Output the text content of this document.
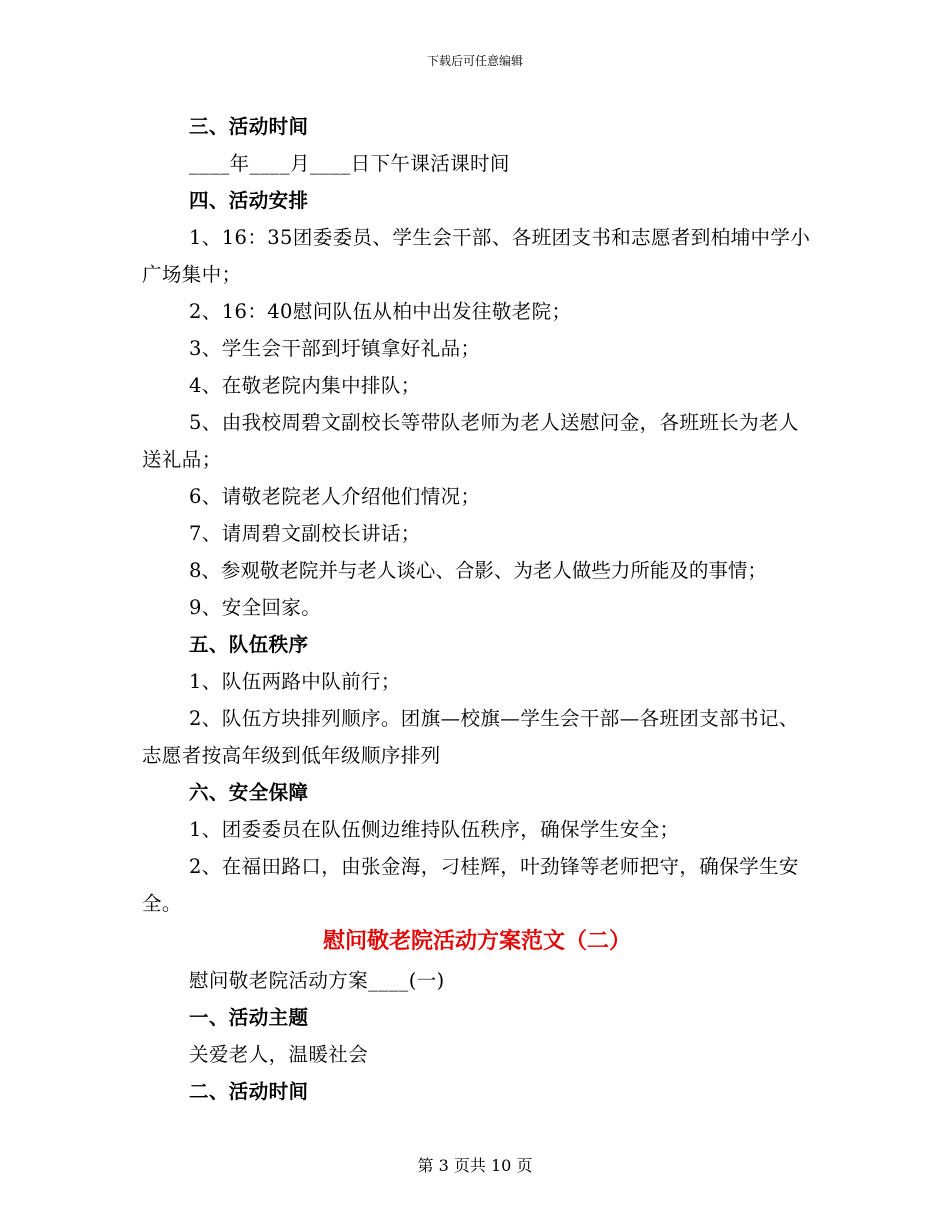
下载后可任意编辑

三、活动时间

____年____月____日下午课活课时间

四、活动安排

1、16：35团委委员、学生会干部、各班团支书和志愿者到柏埔中学小广场集中；

2、16：40慰问队伍从柏中出发往敬老院；

3、学生会干部到圩镇拿好礼品；

4、在敬老院内集中排队；

5、由我校周碧文副校长等带队老师为老人送慰问金，各班班长为老人送礼品；

6、请敬老院老人介绍他们情况；

7、请周碧文副校长讲话；

8、参观敬老院并与老人谈心、合影、为老人做些力所能及的事情；

9、安全回家。

五、队伍秩序

1、队伍两路中队前行；

2、队伍方块排列顺序。团旗—校旗—学生会干部—各班团支部书记、志愿者按高年级到低年级顺序排列

六、安全保障

1、团委委员在队伍侧边维持队伍秩序，确保学生安全；

2、在福田路口，由张金海，刁桂辉，叶劲锋等老师把守，确保学生安全。

慰问敬老院活动方案范文（二）

慰问敬老院活动方案____(一)

一、活动主题

关爱老人，温暖社会

二、活动时间

第 3 页共 10 页
